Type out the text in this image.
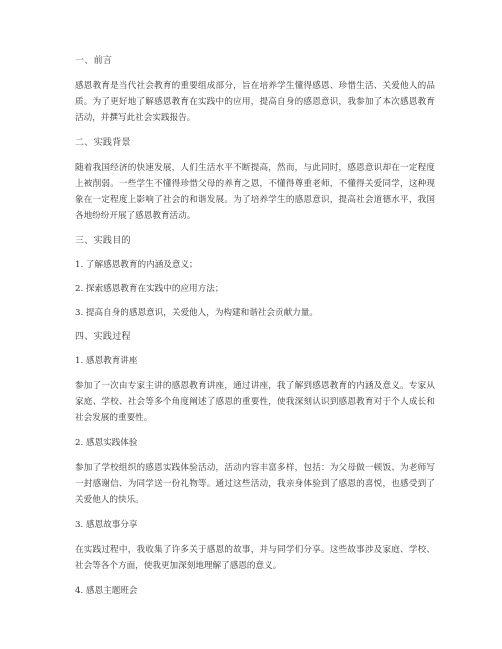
一、前言
感恩教育是当代社会教育的重要组成部分，旨在培养学生懂得感恩、珍惜生活、关爱他人的品质。为了更好地了解感恩教育在实践中的应用，提高自身的感恩意识，我参加了本次感恩教育活动，并撰写此社会实践报告。
二、实践背景
随着我国经济的快速发展，人们生活水平不断提高，然而，与此同时，感恩意识却在一定程度上被削弱。一些学生不懂得珍惜父母的养育之恩，不懂得尊重老师，不懂得关爱同学，这种现象在一定程度上影响了社会的和谐发展。为了培养学生的感恩意识，提高社会道德水平，我国各地纷纷开展了感恩教育活动。
三、实践目的
1. 了解感恩教育的内涵及意义；
2. 探索感恩教育在实践中的应用方法；
3. 提高自身的感恩意识，关爱他人，为构建和谐社会贡献力量。
四、实践过程
1. 感恩教育讲座
参加了一次由专家主讲的感恩教育讲座，通过讲座，我了解到感恩教育的内涵及意义。专家从家庭、学校、社会等多个角度阐述了感恩的重要性，使我深刻认识到感恩教育对于个人成长和社会发展的重要性。
2. 感恩实践体验
参加了学校组织的感恩实践体验活动，活动内容丰富多样，包括：为父母做一顿饭、为老师写一封感谢信、为同学送一份礼物等。通过这些活动，我亲身体验到了感恩的喜悦，也感受到了关爱他人的快乐。
3. 感恩故事分享
在实践过程中，我收集了许多关于感恩的故事，并与同学们分享。这些故事涉及家庭、学校、社会等各个方面，使我更加深刻地理解了感恩的意义。
4. 感恩主题班会
